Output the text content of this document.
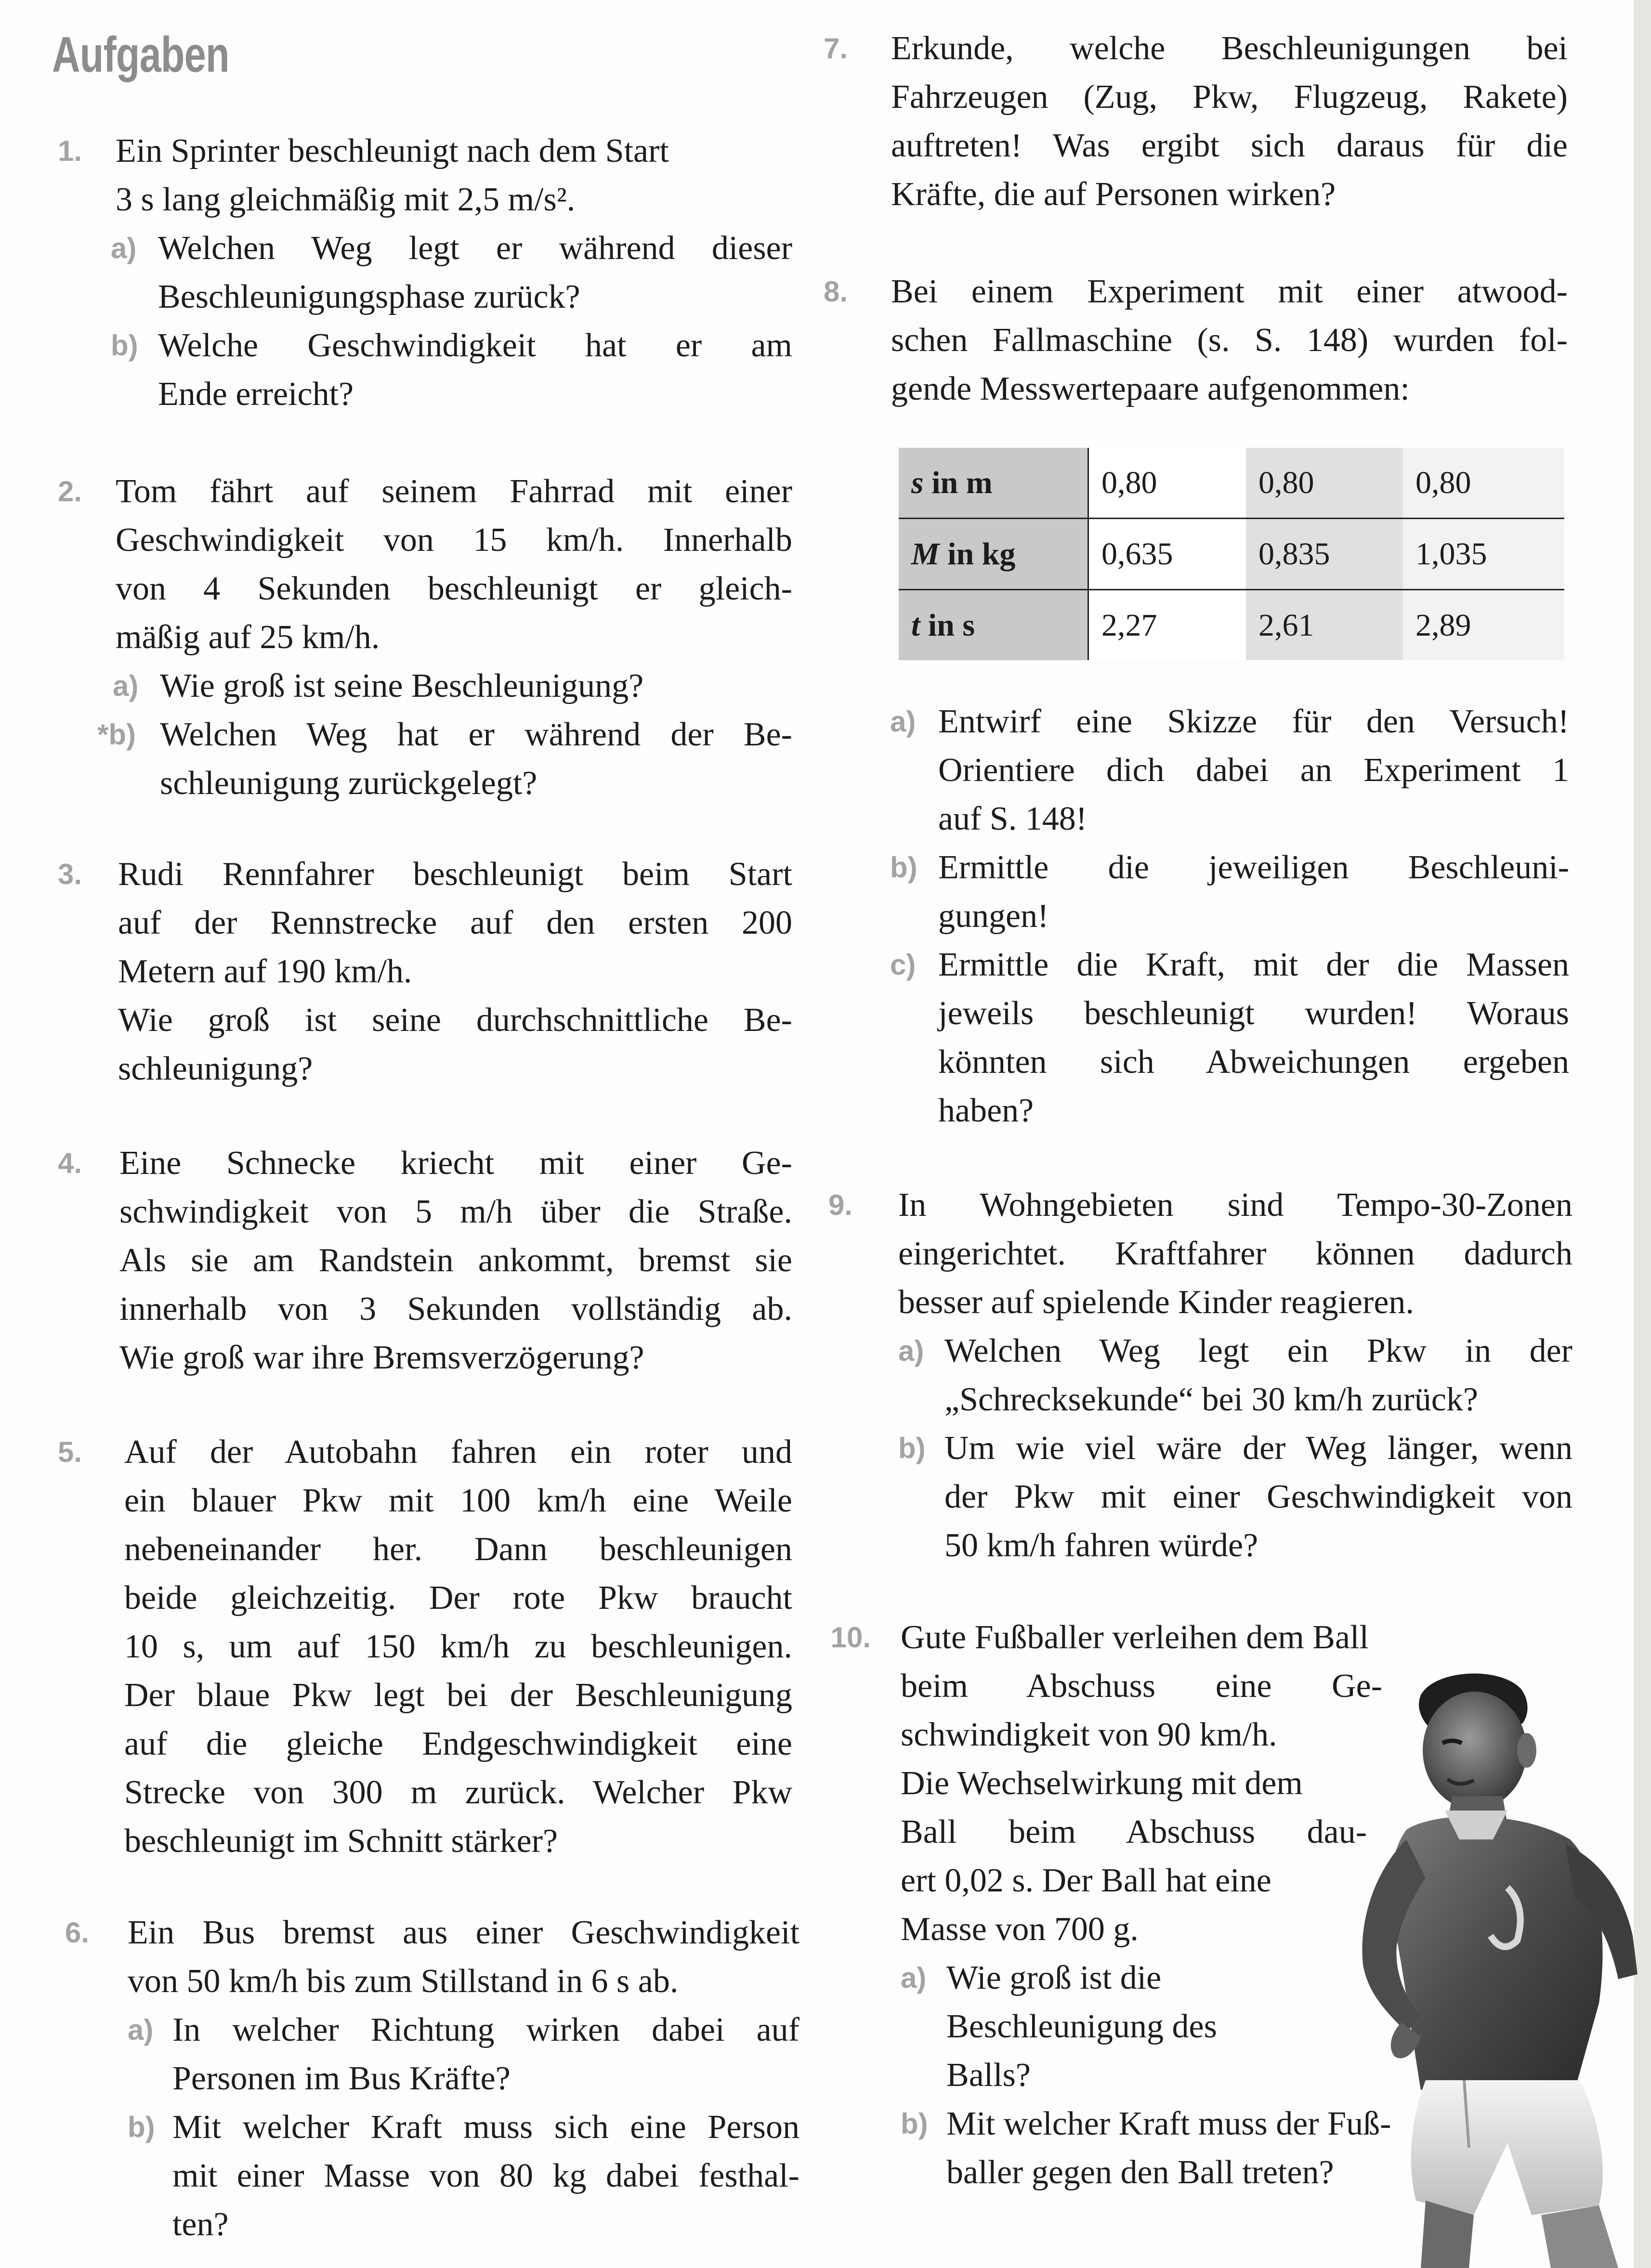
Aufgaben
1. Ein Sprinter beschleunigt nach dem Start
3 s lang gleichmäßig mit 2,5 m/s².
a) Welchen Weg legt er während dieser
Beschleunigungsphase zurück?
b) Welche Geschwindigkeit hat er am
Ende erreicht?
2. Tom fährt auf seinem Fahrrad mit einer
Geschwindigkeit von 15 km/h. Innerhalb
von 4 Sekunden beschleunigt er gleich-
mäßig auf 25 km/h.
a) Wie groß ist seine Beschleunigung?
*b) Welchen Weg hat er während der Be-
schleunigung zurückgelegt?
3. Rudi Rennfahrer beschleunigt beim Start
auf der Rennstrecke auf den ersten 200
Metern auf 190 km/h.
Wie groß ist seine durchschnittliche Be-
schleunigung?
4. Eine Schnecke kriecht mit einer Ge-
schwindigkeit von 5 m/h über die Straße.
Als sie am Randstein ankommt, bremst sie
innerhalb von 3 Sekunden vollständig ab.
Wie groß war ihre Bremsverzögerung?
5. Auf der Autobahn fahren ein roter und
ein blauer Pkw mit 100 km/h eine Weile
nebeneinander her. Dann beschleunigen
beide gleichzeitig. Der rote Pkw braucht
10 s, um auf 150 km/h zu beschleunigen.
Der blaue Pkw legt bei der Beschleunigung
auf die gleiche Endgeschwindigkeit eine
Strecke von 300 m zurück. Welcher Pkw
beschleunigt im Schnitt stärker?
6. Ein Bus bremst aus einer Geschwindigkeit
von 50 km/h bis zum Stillstand in 6 s ab.
a) In welcher Richtung wirken dabei auf
Personen im Bus Kräfte?
b) Mit welcher Kraft muss sich eine Person
mit einer Masse von 80 kg dabei festhal-
ten?
7. Erkunde, welche Beschleunigungen bei
Fahrzeugen (Zug, Pkw, Flugzeug, Rakete)
auftreten! Was ergibt sich daraus für die
Kräfte, die auf Personen wirken?
8. Bei einem Experiment mit einer atwood-
schen Fallmaschine (s. S. 148) wurden fol-
gende Messwertepaare aufgenommen:
s in m	0,80	0,80	0,80
M in kg	0,635	0,835	1,035
t in s	2,27	2,61	2,89
a) Entwirf eine Skizze für den Versuch!
Orientiere dich dabei an Experiment 1
auf S. 148!
b) Ermittle die jeweiligen Beschleuni-
gungen!
c) Ermittle die Kraft, mit der die Massen
jeweils beschleunigt wurden! Woraus
könnten sich Abweichungen ergeben
haben?
9. In Wohngebieten sind Tempo-30-Zonen
eingerichtet. Kraftfahrer können dadurch
besser auf spielende Kinder reagieren.
a) Welchen Weg legt ein Pkw in der
„Schrecksekunde“ bei 30 km/h zurück?
b) Um wie viel wäre der Weg länger, wenn
der Pkw mit einer Geschwindigkeit von
50 km/h fahren würde?
10. Gute Fußballer verleihen dem Ball
beim Abschuss eine Ge-
schwindigkeit von 90 km/h.
Die Wechselwirkung mit dem
Ball beim Abschuss dau-
ert 0,02 s. Der Ball hat eine
Masse von 700 g.
a) Wie groß ist die
Beschleunigung des
Balls?
b) Mit welcher Kraft muss der Fuß-
baller gegen den Ball treten?
